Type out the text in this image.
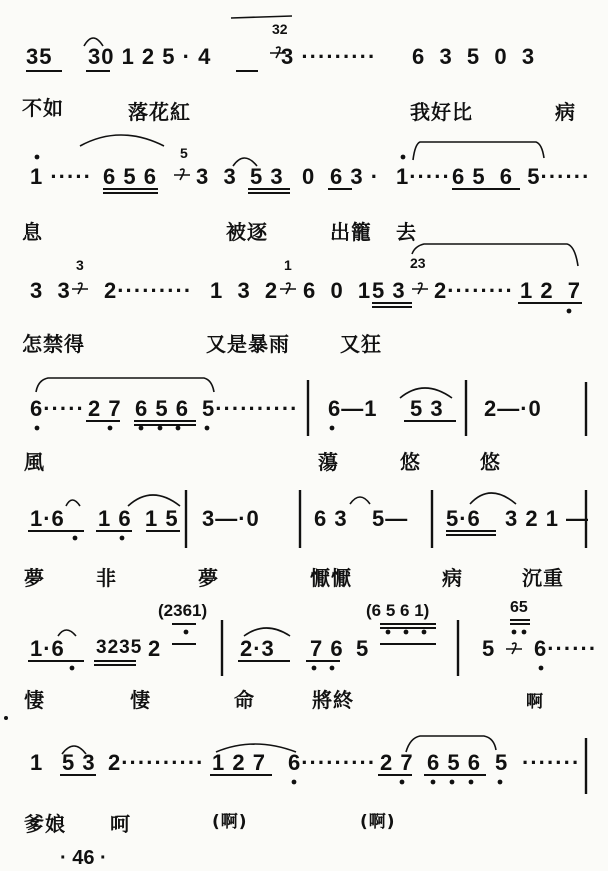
35 30 1 2 5 · 4
32
3 ········· 6  3  5  0  3
不如	落花紅	我好比	病
1 ····· 6 5 6
5
3  3 5 3 0 6 3 · 1····· 6 5  6  5······
息	被逐	出籠 去
3  3
3
2········· 1  3  2
1
6  0  1 5 3
23
2········ 1 2  7
怎禁得	又是暴雨	又狂
6····· 2 7 6 5 6 5·········· 6—1 5 3 2—·0
風	蕩	悠	悠
1·6 1 6 1 5 3—·0 6 3 5— 5·6 3 2 1 —
夢	非	夢	懨懨	病	沉重
(2361)	(6 5 6 1)	65
1·6 3235 2	2·3 7 6 5	5 6······
悽	悽	命	將終	啊
1 5 3 2·········· 1 2 7 6········· 2 7 6 5 6 5 ·······
爹娘 呵	(啊)	(啊)
· 46 ·
